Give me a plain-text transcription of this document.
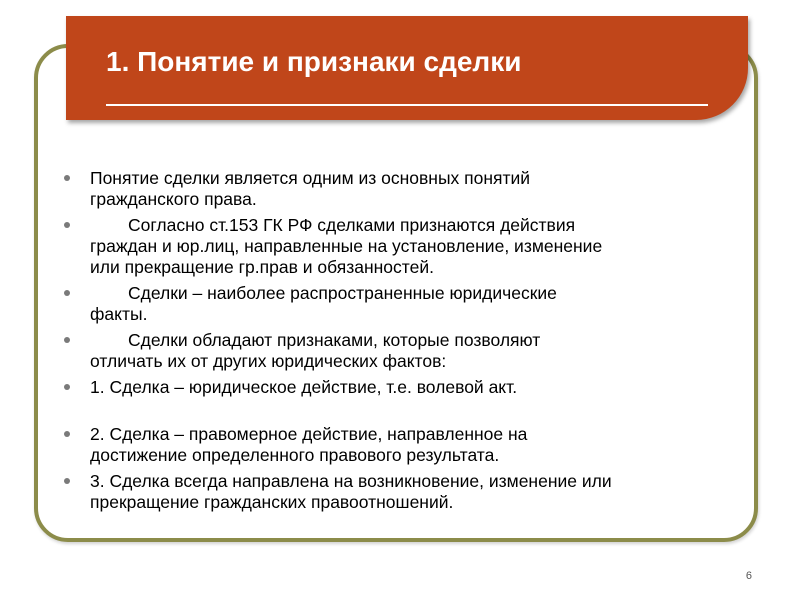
1. Понятие и признаки сделки
Понятие сделки является одним из основных понятий
гражданского права.
Согласно ст.153 ГК РФ сделками признаются действия
граждан и юр.лиц, направленные на установление, изменение
или прекращение гр.прав и обязанностей.
Сделки – наиболее распространенные юридические
факты.
Сделки обладают признаками, которые позволяют
отличать их от других юридических фактов:
1. Сделка – юридическое действие, т.е. волевой акт.
2. Сделка – правомерное действие, направленное на
достижение определенного правового результата.
3. Сделка всегда направлена на возникновение, изменение или
прекращение гражданских правоотношений.
6
